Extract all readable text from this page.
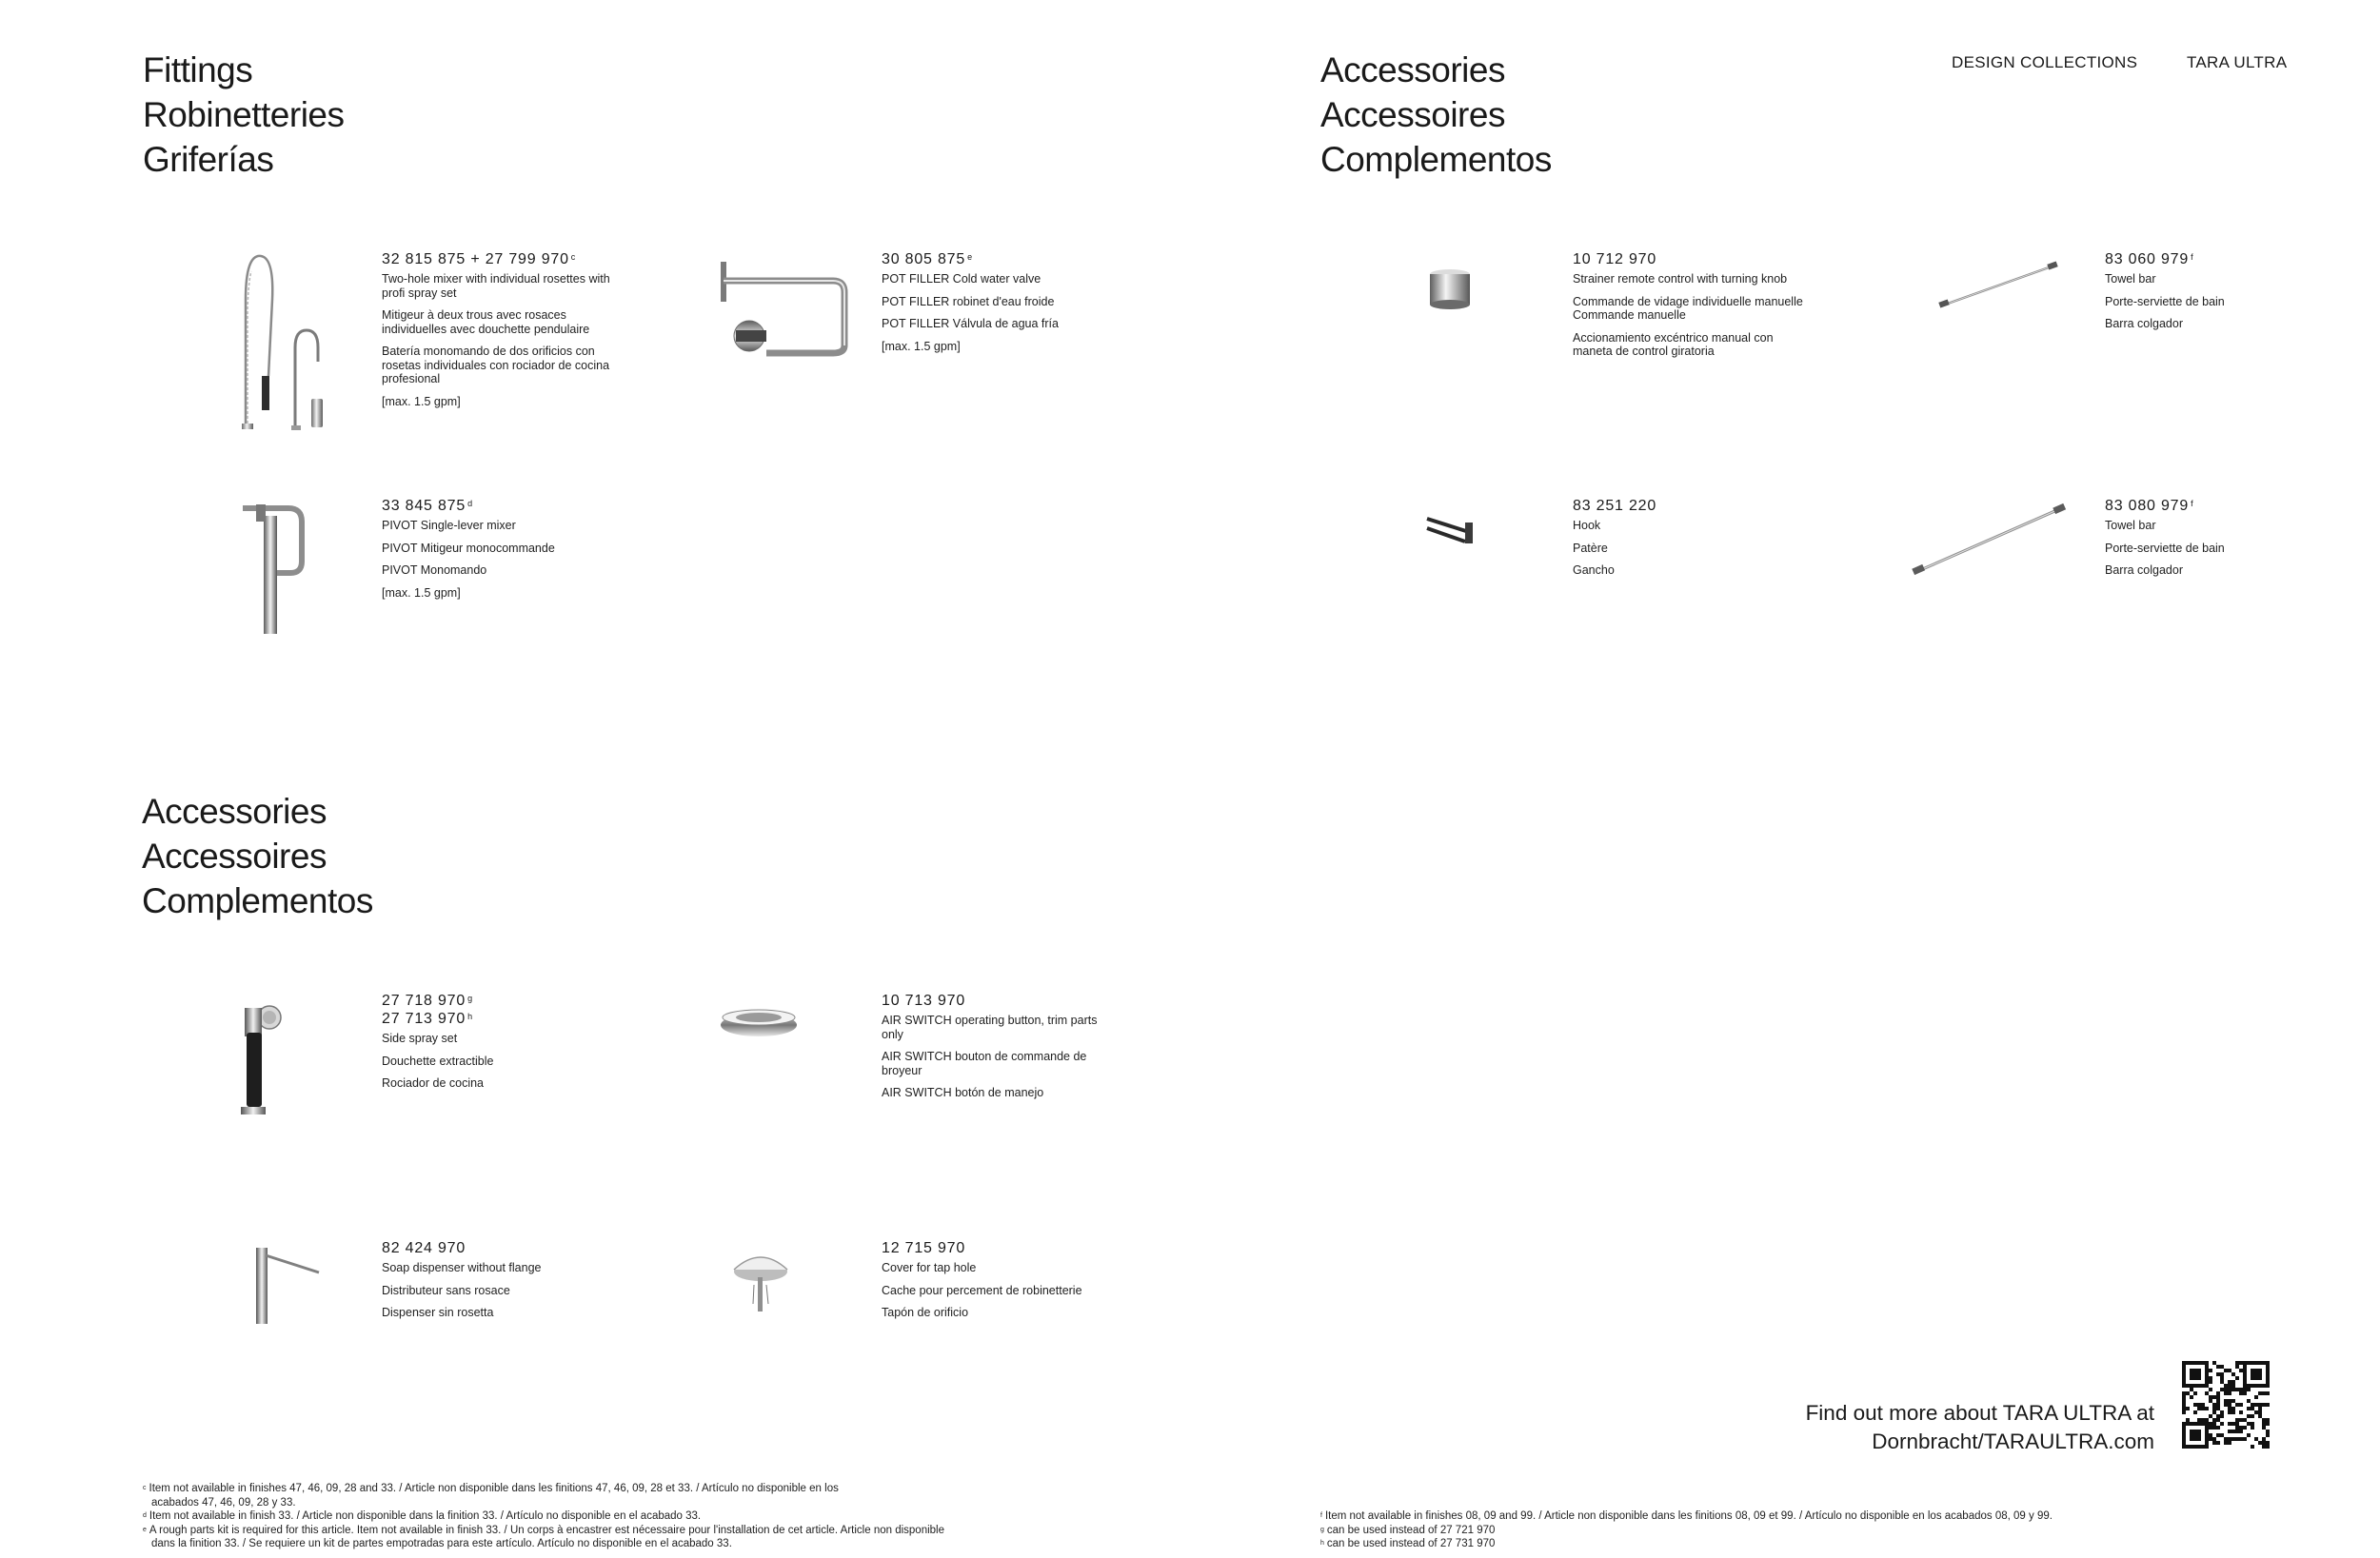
DESIGN COLLECTIONS	TARA ULTRA
Fittings
Robinetteries
Griferías
Accessories
Accessoires
Complementos
Accessories
Accessoires
Complementos
32 815 875 + 27 799 970 $^c$
Two-hole mixer with individual rosettes with profi spray set
Mitigeur à deux trous avec rosaces individuelles avec douchette pendulaire
Batería monomando de dos orificios con rosetas individuales con rociador de cocina profesional
[max. 1.5 gpm]
30 805 875 $^e$
POT FILLER Cold water valve
POT FILLER robinet d'eau froide
POT FILLER Válvula de agua fría
[max. 1.5 gpm]
33 845 875 $^d$
PIVOT Single-lever mixer
PIVOT Mitigeur monocommande
PIVOT Monomando
[max. 1.5 gpm]
27 718 970 $^g$
27 713 970 $^h$
Side spray set
Douchette extractible
Rociador de cocina
10 713 970
AIR SWITCH operating button, trim parts only
AIR SWITCH bouton de commande de broyeur
AIR SWITCH botón de manejo
82 424 970
Soap dispenser without flange
Distributeur sans rosace
Dispenser sin rosetta
12 715 970
Cover for tap hole
Cache pour percement de robinetterie
Tapón de orificio
10 712 970
Strainer remote control with turning knob
Commande de vidage individuelle manuelle Commande manuelle
Accionamiento excéntrico manual con maneta de control giratoria
83 060 979 $^f$
Towel bar
Porte-serviette de bain
Barra colgador
83 251 220
Hook
Patère
Gancho
83 080 979 $^f$
Towel bar
Porte-serviette de bain
Barra colgador
Find out more about TARA ULTRA at
Dornbracht/TARAULTRA.com
$^c$ Item not available in finishes 47, 46, 09, 28 and 33. / Article non disponible dans les finitions 47, 46, 09, 28 et 33. / Artículo no disponible en los
acabados 47, 46, 09, 28 y 33.
$^d$ Item not available in finish 33. / Article non disponible dans la finition 33. / Artículo no disponible en el acabado 33.
$^e$ A rough parts kit is required for this article. Item not available in finish 33. / Un corps à encastrer est nécessaire pour l'installation de cet article. Article non disponible
dans la finition 33. / Se requiere un kit de partes empotradas para este artículo. Artículo no disponible en el acabado 33.
$^f$ Item not available in finishes 08, 09 and 99. / Article non disponible dans les finitions 08, 09 et 99. / Artículo no disponible en los acabados 08, 09 y 99.
$^g$ can be used instead of 27 721 970
$^h$ can be used instead of 27 731 970
